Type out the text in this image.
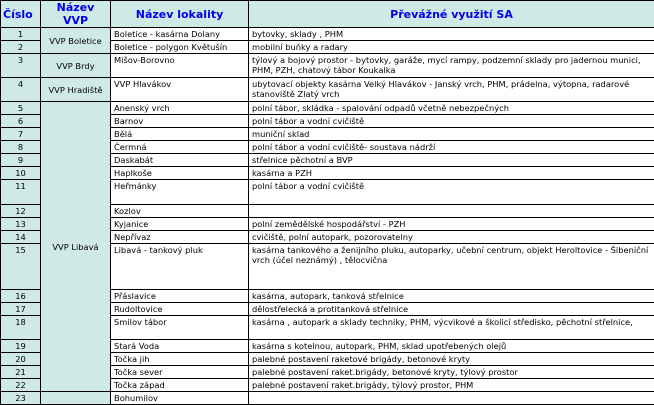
Číslo	Název VVP	Název lokality	Převážné využití SA
1	VVP Boletice	Boletice - kasárna Dolany	bytovky, sklady , PHM
2		Boletice - polygon Květušín	mobilní buňky a radary
3	VVP Brdy	Mišov-Borovno	týlový a bojový prostor - bytovky, garáže, mycí rampy, podzemní sklady pro jadernou munici, PHM, PZH, chatový tábor Koukalka
4	VVP Hradiště	VVP Hlavákov	ubytovací objekty kasárna Velký Hlavákov - Janský vrch, PHM, prádelna, výtopna, radarové stanoviště Zlatý vrch
5	VVP Libavá	Anenský vrch	polní tábor, skládka - spalování odpadů včetně nebezpečných
6		Barnov	polní tábor a vodní cvičiště
7		Bělá	muniční sklad
8		Čermná	polní tábor a vodní cvičiště- soustava nádrží
9		Daskabát	střelnice pěchotní a BVP
10		Haplkoše	kasárna a PZH
11		Heřmánky	polní tábor a vodní cvičiště
12		Kozlov	
13		Kyjanice	polní zemědělské hospodářství - PZH
14		Nepřívaz	cvičiště, polní autopark, pozorovatelny
15		Libavá - tankový pluk	kasárna tankového a ženijního pluku, autoparky, učební centrum, objekt Heroltovice - Šibeniční vrch (účel neznámý) , tělocvična
16		Přáslavice	kasárna, autopark, tanková střelnice
17		Rudoltovice	dělostřelecká a protitanková střelnice
18		Smilov tábor	kasárna , autopark a sklady techniky, PHM, výcvikové a školicí středisko, pěchotní střelnice,
19		Stará Voda	kasárna s kotelnou, autopark, PHM, sklad upotřebených olejů
20		Točka jih	palebné postavení raketové brigády, betonové kryty
21		Točka sever	palebné postavení raket.brigády, betonové kryty, týlový prostor
22		Točka západ	palebné postavení raket.brigády, týlový prostor, PHM
23		Bohumilov	
